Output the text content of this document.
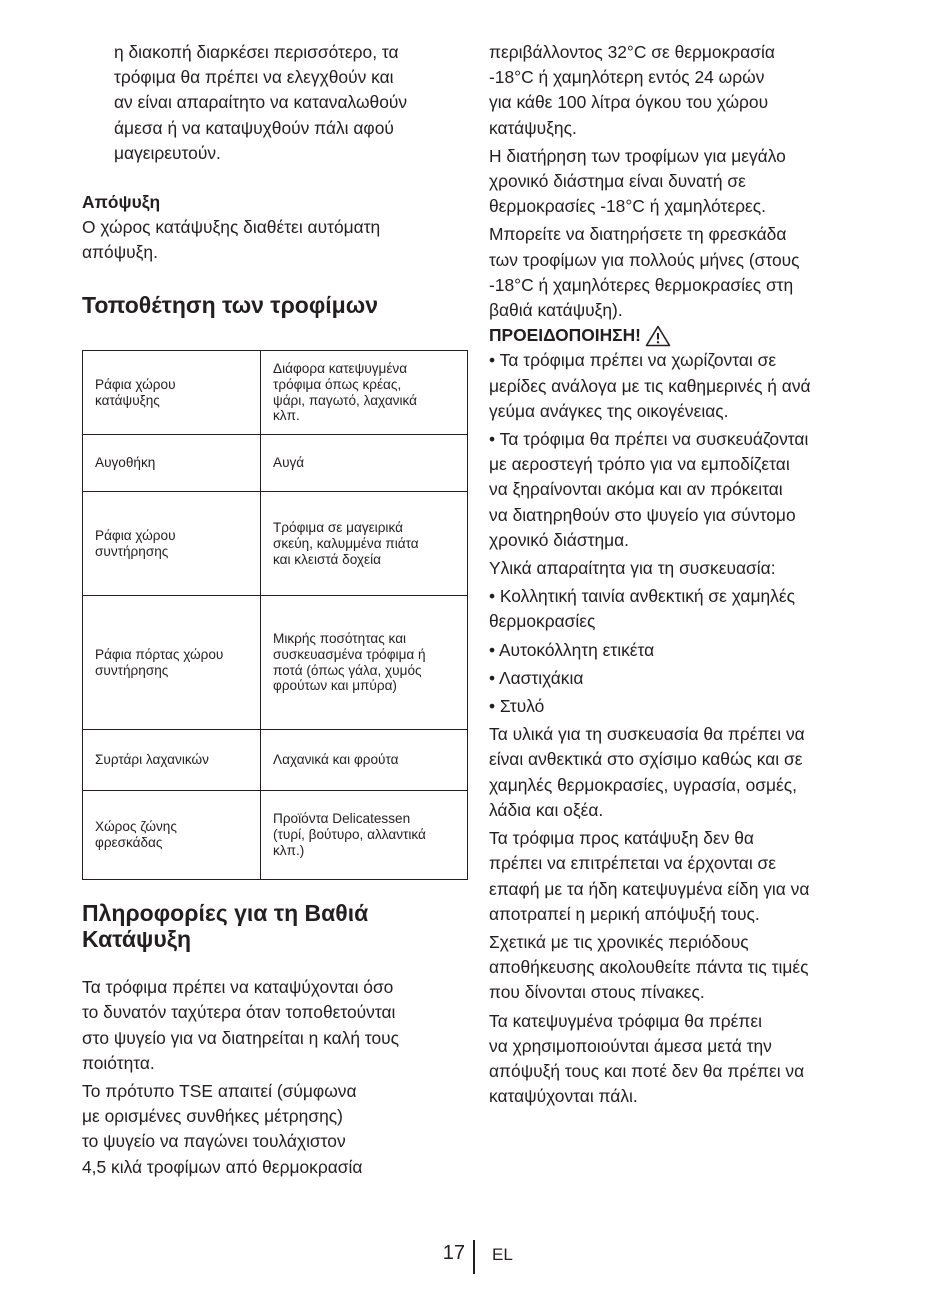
η διακοπή διαρκέσει περισσότερο, τα
τρόφιμα θα πρέπει να ελεγχθούν και
αν είναι απαραίτητο να καταναλωθούν
άμεσα ή να καταψυχθούν πάλι αφού
μαγειρευτούν.

Απόψυξη

Ο χώρος κατάψυξης διαθέτει αυτόματη
απόψυξη.

Τοποθέτηση των τροφίμων
Ράφια χώρου
κατάψυξης	Διάφορα κατεψυγμένα
τρόφιμα όπως κρέας,
ψάρι, παγωτό, λαχανικά
κλπ.
Αυγοθήκη	Αυγά
Ράφια χώρου
συντήρησης	Τρόφιμα σε μαγειρικά
σκεύη, καλυμμένα πιάτα
και κλειστά δοχεία
Ράφια πόρτας χώρου
συντήρησης	Μικρής ποσότητας και
συσκευασμένα τρόφιμα ή
ποτά (όπως γάλα, χυμός
φρούτων και μπύρα)
Συρτάρι λαχανικών	Λαχανικά και φρούτα
Χώρος ζώνης
φρεσκάδας	Προϊόντα Delicatessen
(τυρί, βούτυρο, αλλαντικά
κλπ.)
Πληροφορίες για τη Βαθιά
Κατάψυξη

Τα τρόφιμα πρέπει να καταψύχονται όσο
το δυνατόν ταχύτερα όταν τοποθετούνται
στο ψυγείο για να διατηρείται η καλή τους
ποιότητα.

Το πρότυπο TSE απαιτεί (σύμφωνα
με ορισμένες συνθήκες μέτρησης)
το ψυγείο να παγώνει τουλάχιστον
4,5 κιλά τροφίμων από θερμοκρασία

περιβάλλοντος 32°C σε θερμοκρασία
-18°C ή χαμηλότερη εντός 24 ωρών
για κάθε 100 λίτρα όγκου του χώρου
κατάψυξης.

Η διατήρηση των τροφίμων για μεγάλο
χρονικό διάστημα είναι δυνατή σε
θερμοκρασίες -18°C ή χαμηλότερες.

Μπορείτε να διατηρήσετε τη φρεσκάδα
των τροφίμων για πολλούς μήνες (στους
-18°C ή χαμηλότερες θερμοκρασίες στη
βαθιά κατάψυξη).

ΠΡΟΕΙΔΟΠΟΙΗΣΗ!

• Τα τρόφιμα πρέπει να χωρίζονται σε
μερίδες ανάλογα με τις καθημερινές ή ανά
γεύμα ανάγκες της οικογένειας.

• Τα τρόφιμα θα πρέπει να συσκευάζονται
με αεροστεγή τρόπο για να εμποδίζεται
να ξηραίνονται ακόμα και αν πρόκειται
να διατηρηθούν στο ψυγείο για σύντομο
χρονικό διάστημα.

Υλικά απαραίτητα για τη συσκευασία:

• Κολλητική ταινία ανθεκτική σε χαμηλές
θερμοκρασίες

• Αυτοκόλλητη ετικέτα

• Λαστιχάκια

• Στυλό

Τα υλικά για τη συσκευασία θα πρέπει να
είναι ανθεκτικά στο σχίσιμο καθώς και σε
χαμηλές θερμοκρασίες, υγρασία, οσμές,
λάδια και οξέα.

Τα τρόφιμα προς κατάψυξη δεν θα
πρέπει να επιτρέπεται να έρχονται σε
επαφή με τα ήδη κατεψυγμένα είδη για να
αποτραπεί η μερική απόψυξή τους.

Σχετικά με τις χρονικές περιόδους
αποθήκευσης ακολουθείτε πάντα τις τιμές
που δίνονται στους πίνακες.

Τα κατεψυγμένα τρόφιμα θα πρέπει
να χρησιμοποιούνται άμεσα μετά την
απόψυξή τους και ποτέ δεν θα πρέπει να
καταψύχονται πάλι.

17 EL
